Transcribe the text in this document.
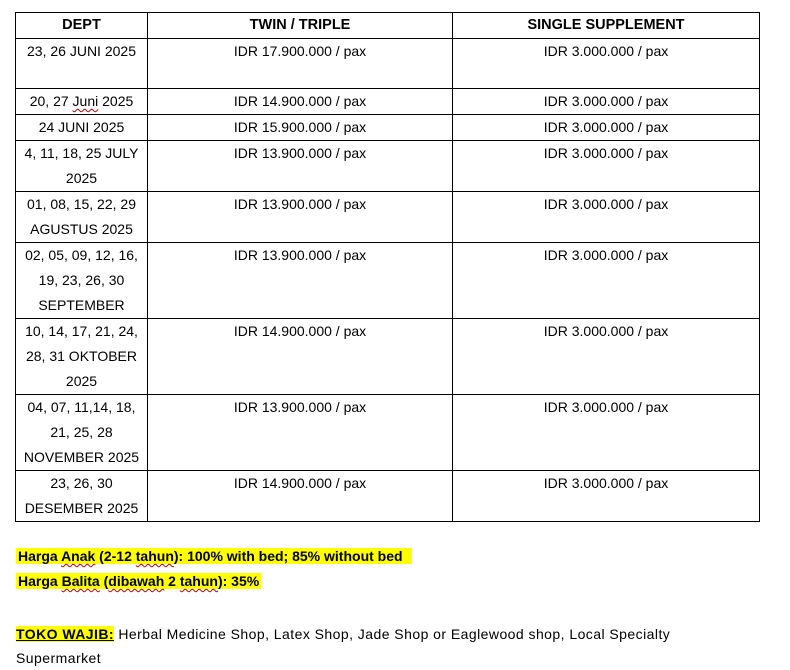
DEPT	TWIN / TRIPLE	SINGLE SUPPLEMENT
23, 26 JUNI 2025	IDR 17.900.000 / pax	IDR 3.000.000 / pax
20, 27 Juni 2025	IDR 14.900.000 / pax	IDR 3.000.000 / pax
24 JUNI 2025	IDR 15.900.000 / pax	IDR 3.000.000 / pax
4, 11, 18, 25 JULY 2025	IDR 13.900.000 / pax	IDR 3.000.000 / pax
01, 08, 15, 22, 29 AGUSTUS 2025	IDR 13.900.000 / pax	IDR 3.000.000 / pax
02, 05, 09, 12, 16, 19, 23, 26, 30 SEPTEMBER	IDR 13.900.000 / pax	IDR 3.000.000 / pax
10, 14, 17, 21, 24, 28, 31 OKTOBER 2025	IDR 14.900.000 / pax	IDR 3.000.000 / pax
04, 07, 11,14, 18, 21, 25, 28 NOVEMBER 2025	IDR 13.900.000 / pax	IDR 3.000.000 / pax
23, 26, 30 DESEMBER 2025	IDR 14.900.000 / pax	IDR 3.000.000 / pax
Harga Anak (2-12 tahun): 100% with bed; 85% without bed
Harga Balita (dibawah 2 tahun): 35%
TOKO WAJIB: Herbal Medicine Shop, Latex Shop, Jade Shop or Eaglewood shop, Local Specialty Supermarket
